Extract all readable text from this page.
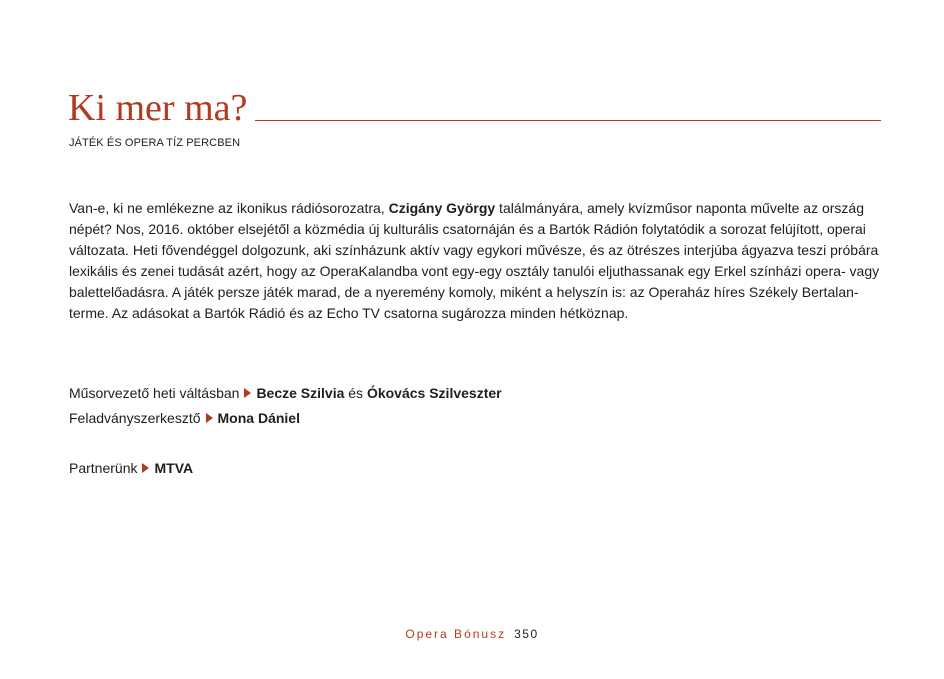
Ki mer ma?
JÁTÉK ÉS OPERA TÍZ PERCBEN
Van-e, ki ne emlékezne az ikonikus rádiósorozatra, Czigány György találmányára, amely kvízműsor naponta művelte az ország népét? Nos, 2016. október elsejétől a közmédia új kulturális csatornáján és a Bartók Rádión folytatódik a sorozat felújított, operai változata. Heti fővendéggel dolgozunk, aki színházunk aktív vagy egykori művésze, és az ötrészes interjúba ágyazva teszi próbára lexikális és zenei tudását azért, hogy az OperaKalandba vont egy-egy osztály tanulói eljuthassanak egy Erkel színházi opera- vagy balettelőadásra. A játék persze játék marad, de a nyeremény komoly, miként a helyszín is: az Operaház híres Székely Bertalan-terme. Az adásokat a Bartók Rádió és az Echo TV csatorna sugározza minden hétköznap.
Műsorvezető heti váltásban Becze Szilvia és Ókovács Szilveszter
Feladványszerkesztő Mona Dániel
Partnerünk MTVA
Opera Bónusz 350
